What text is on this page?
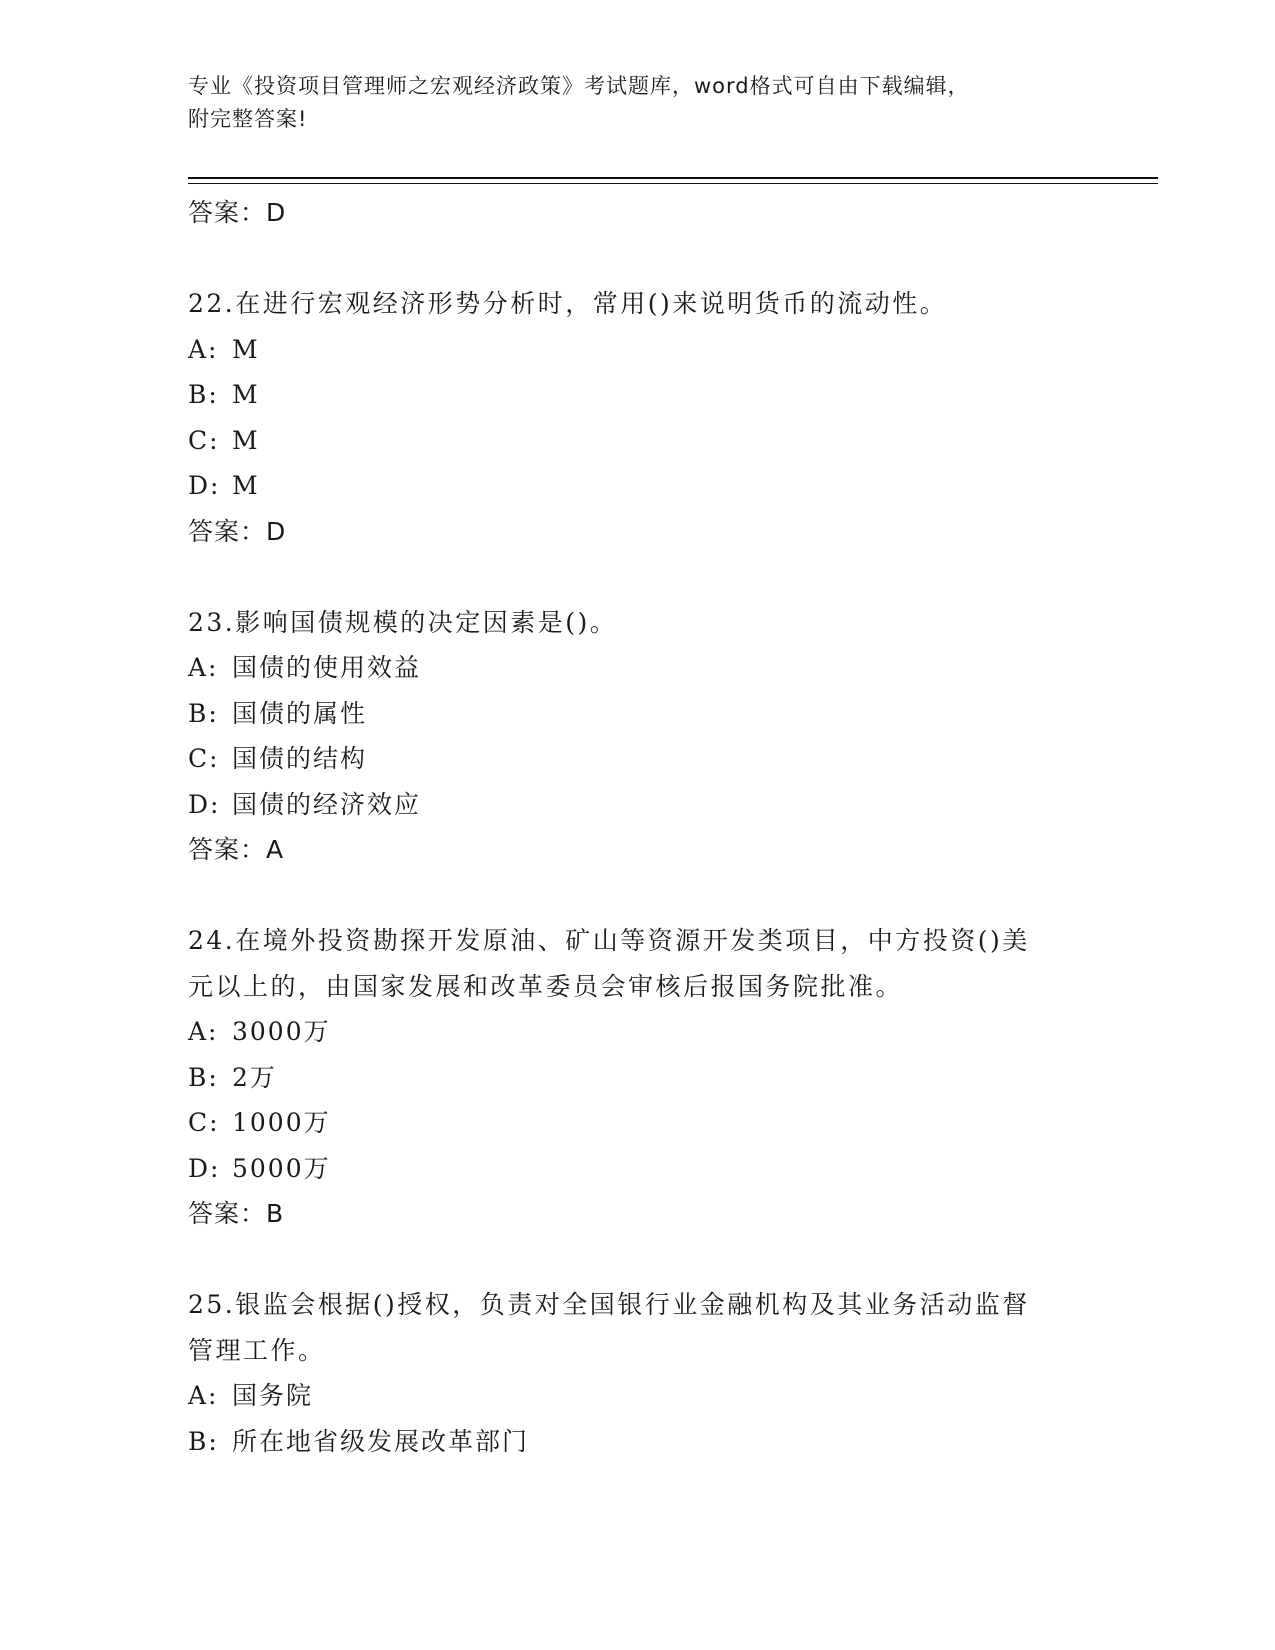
专业《投资项目管理师之宏观经济政策》考试题库，word格式可自由下载编辑，
附完整答案!
答案：D
22.在进行宏观经济形势分析时，常用()来说明货币的流动性。
A: M
B: M
C: M
D: M
答案：D
23.影响国债规模的决定因素是()。
A: 国债的使用效益
B: 国债的属性
C: 国债的结构
D: 国债的经济效应
答案：A
24.在境外投资勘探开发原油、矿山等资源开发类项目，中方投资()美
元以上的，由国家发展和改革委员会审核后报国务院批准。
A: 3000万
B: 2万
C: 1000万
D: 5000万
答案：B
25.银监会根据()授权，负责对全国银行业金融机构及其业务活动监督
管理工作。
A: 国务院
B: 所在地省级发展改革部门
